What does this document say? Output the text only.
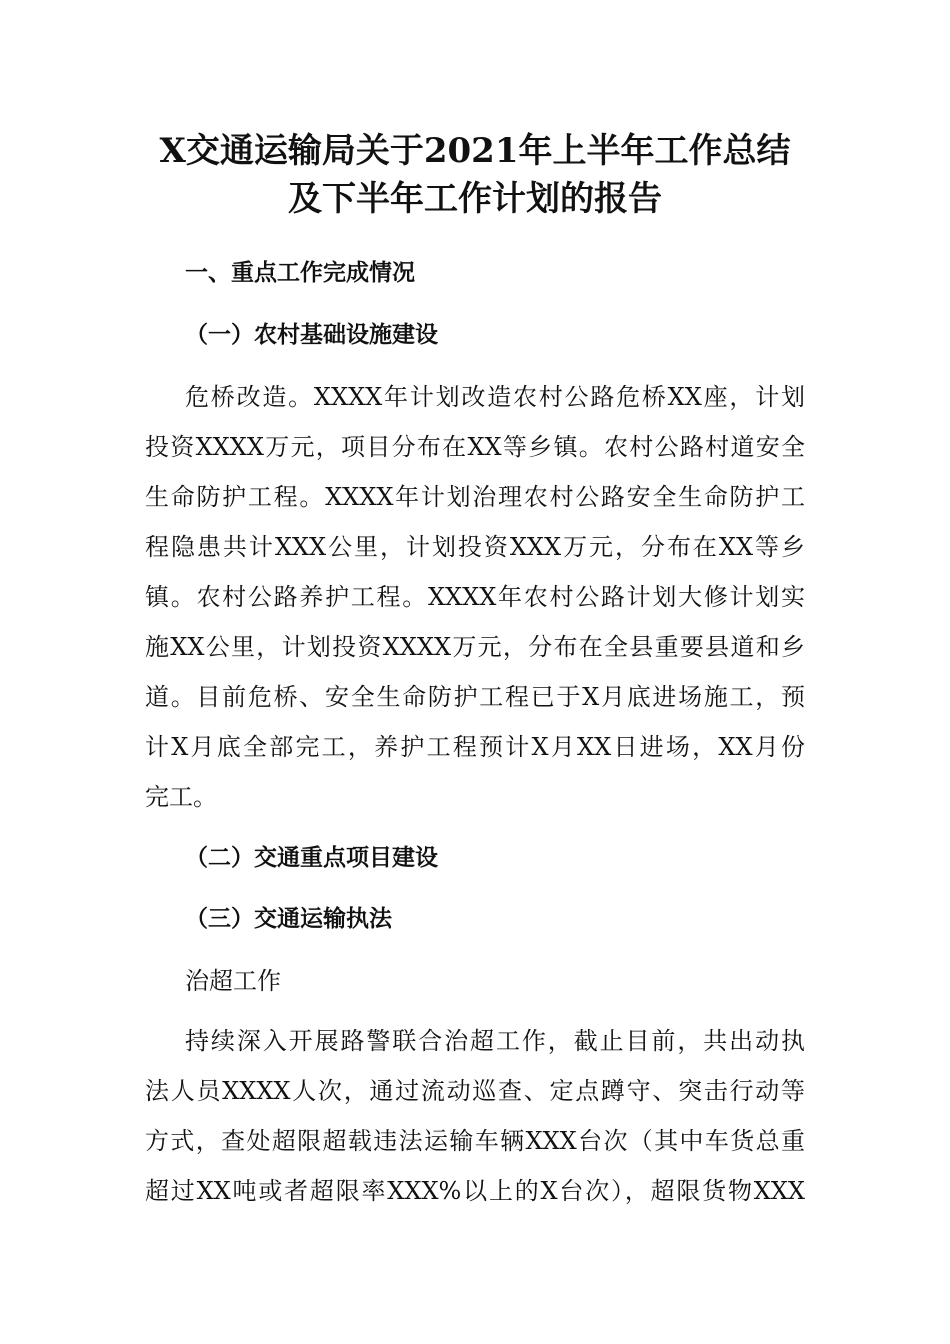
X交通运输局关于2021年上半年工作总结
及下半年工作计划的报告
一、重点工作完成情况
（一）农村基础设施建设

危桥改造。XXXX年计划改造农村公路危桥XX座，计划

投资XXXX万元，项目分布在XX等乡镇。农村公路村道安全

生命防护工程。XXXX年计划治理农村公路安全生命防护工

程隐患共计XXX公里，计划投资XXX万元，分布在XX等乡

镇。农村公路养护工程。XXXX年农村公路计划大修计划实

施XX公里，计划投资XXXX万元，分布在全县重要县道和乡

道。目前危桥、安全生命防护工程已于X月底进场施工，预

计X月底全部完工，养护工程预计X月XX日进场，XX月份

完工。

（二）交通重点项目建设
（三）交通运输执法

治超工作

持续深入开展路警联合治超工作，截止目前，共出动执

法人员XXXX人次，通过流动巡查、定点蹲守、突击行动等

方式，查处超限超载违法运输车辆XXX台次（其中车货总重

超过XX吨或者超限率XXX%以上的X台次），超限货物XXX
